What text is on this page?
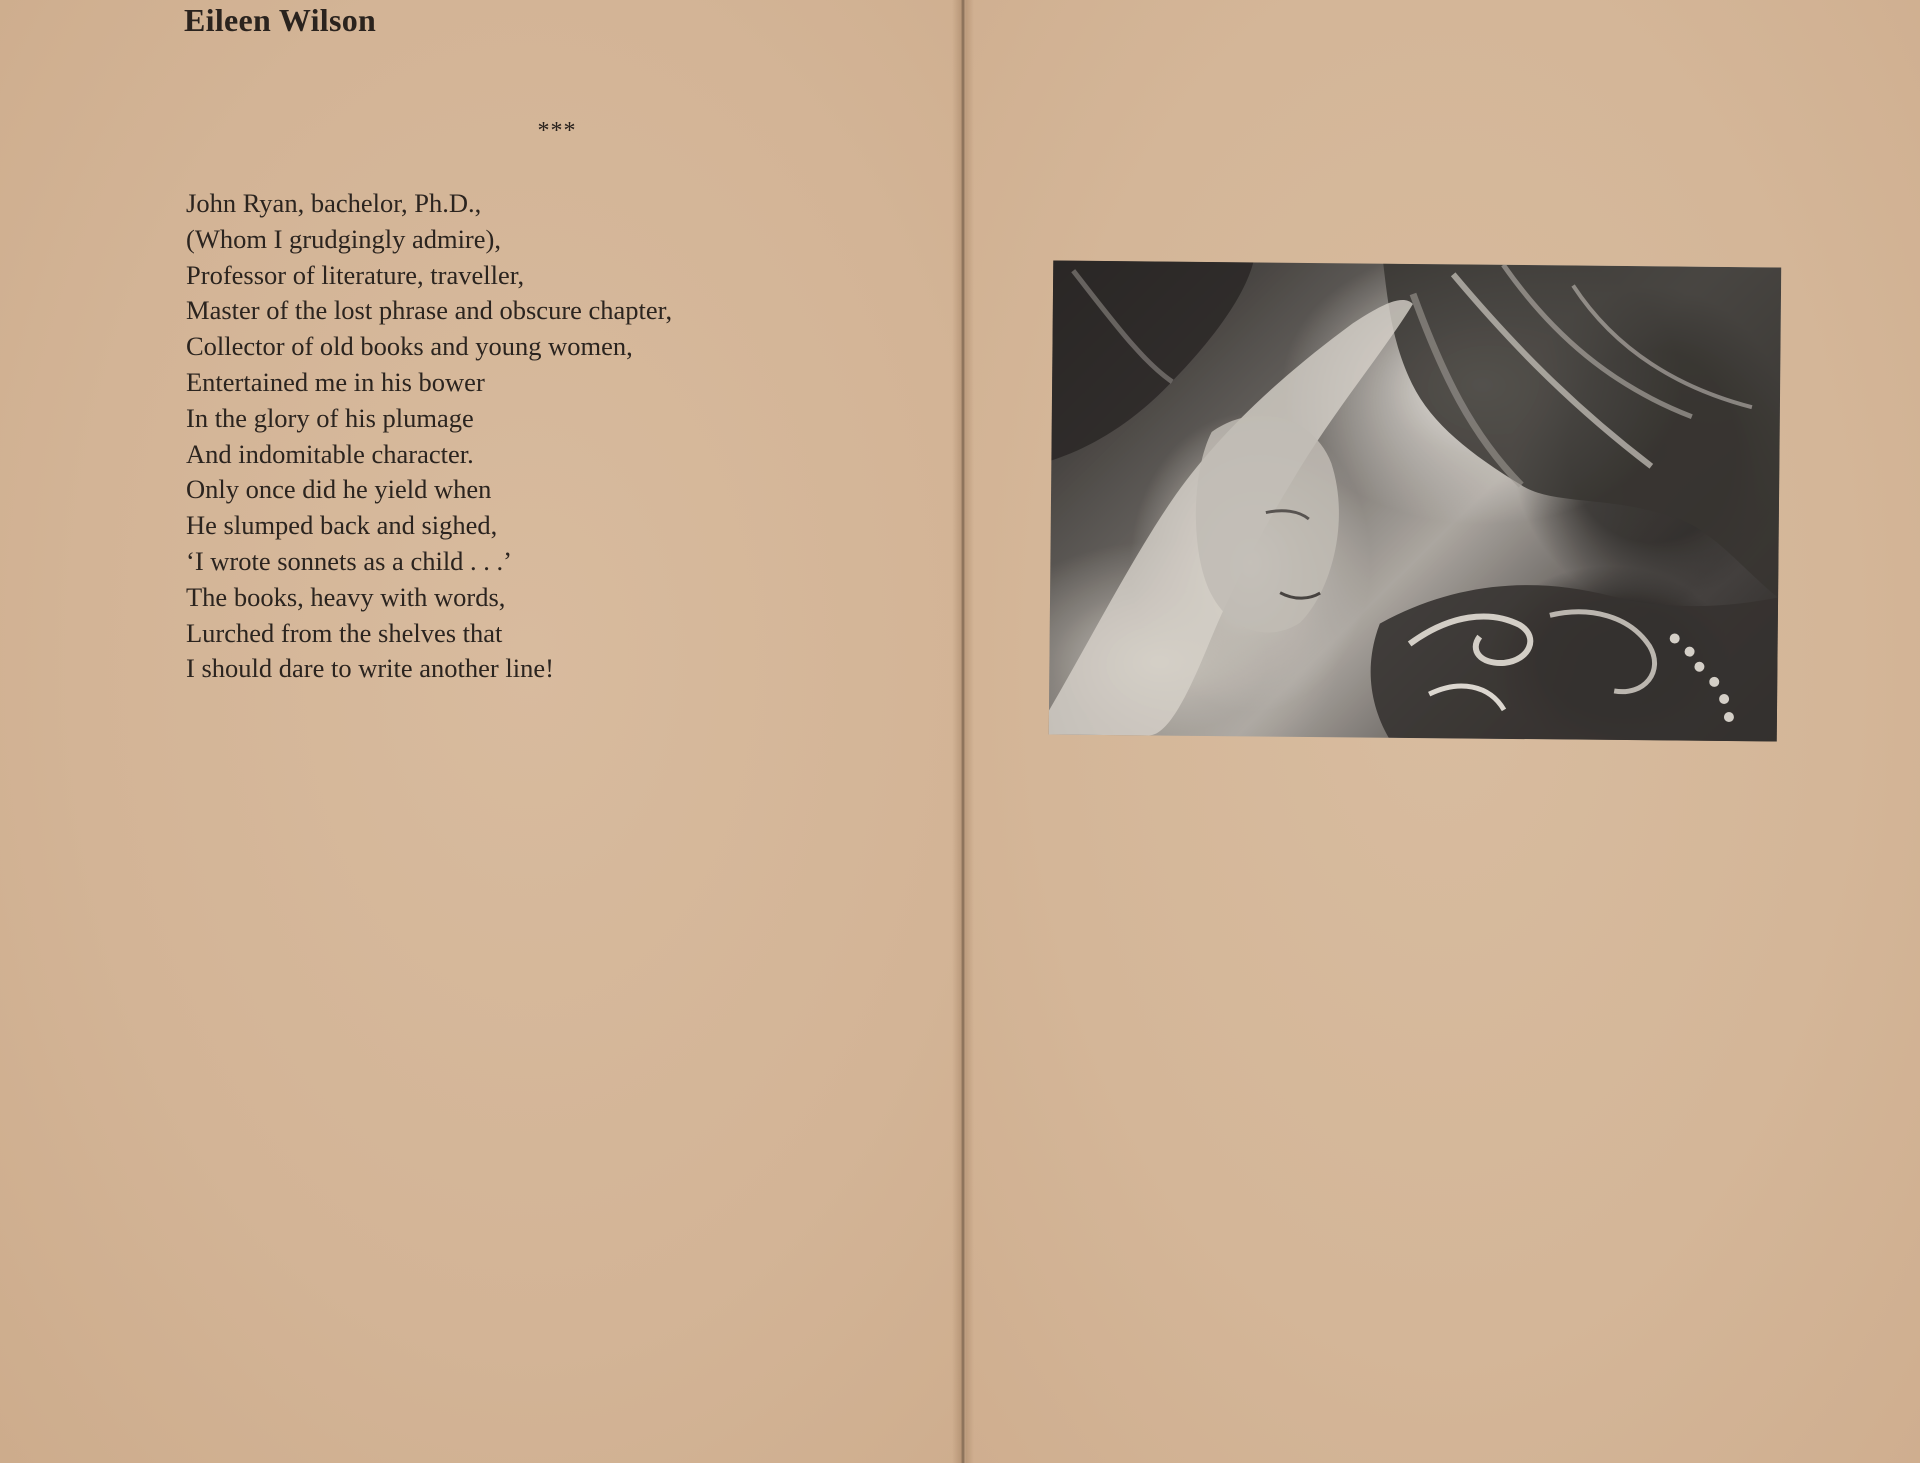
Eileen Wilson
***
John Ryan, bachelor, Ph.D.,
(Whom I grudgingly admire),
Professor of literature, traveller,
Master of the lost phrase and obscure chapter,
Collector of old books and young women,
Entertained me in his bower
In the glory of his plumage
And indomitable character.
Only once did he yield when
He slumped back and sighed,
‘I wrote sonnets as a child . . .’
The books, heavy with words,
Lurched from the shelves that
I should dare to write another line!
